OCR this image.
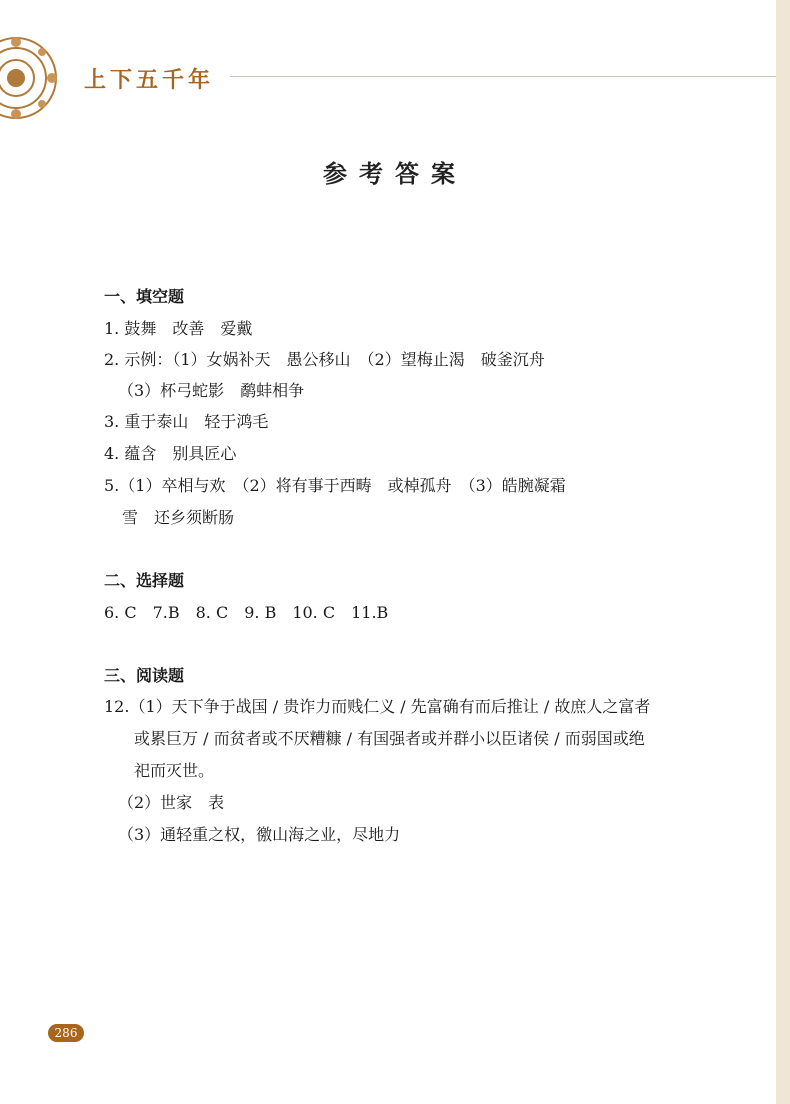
上下五千年
参考答案
一、填空题
1. 鼓舞　改善　爱戴
2. 示例：（1）女娲补天　愚公移山　（2）望梅止渴　破釜沉舟
（3）杯弓蛇影　鹬蚌相争
3. 重于泰山　轻于鸿毛
4. 蕴含　别具匠心
5.（1）卒相与欢　（2）将有事于西畴　或棹孤舟　（3）皓腕凝霜
雪　还乡须断肠
二、选择题
6. C　7.B　8. C　9. B　10. C　11.B
三、阅读题
12.（1）天下争于战国 / 贵诈力而贱仁义 / 先富确有而后推让 / 故庶人之富者
或累巨万 / 而贫者或不厌糟糠 / 有国强者或并群小以臣诸侯 / 而弱国或绝
祀而灭世。
（2）世家　表
（3）通轻重之权，徼山海之业，尽地力
286
